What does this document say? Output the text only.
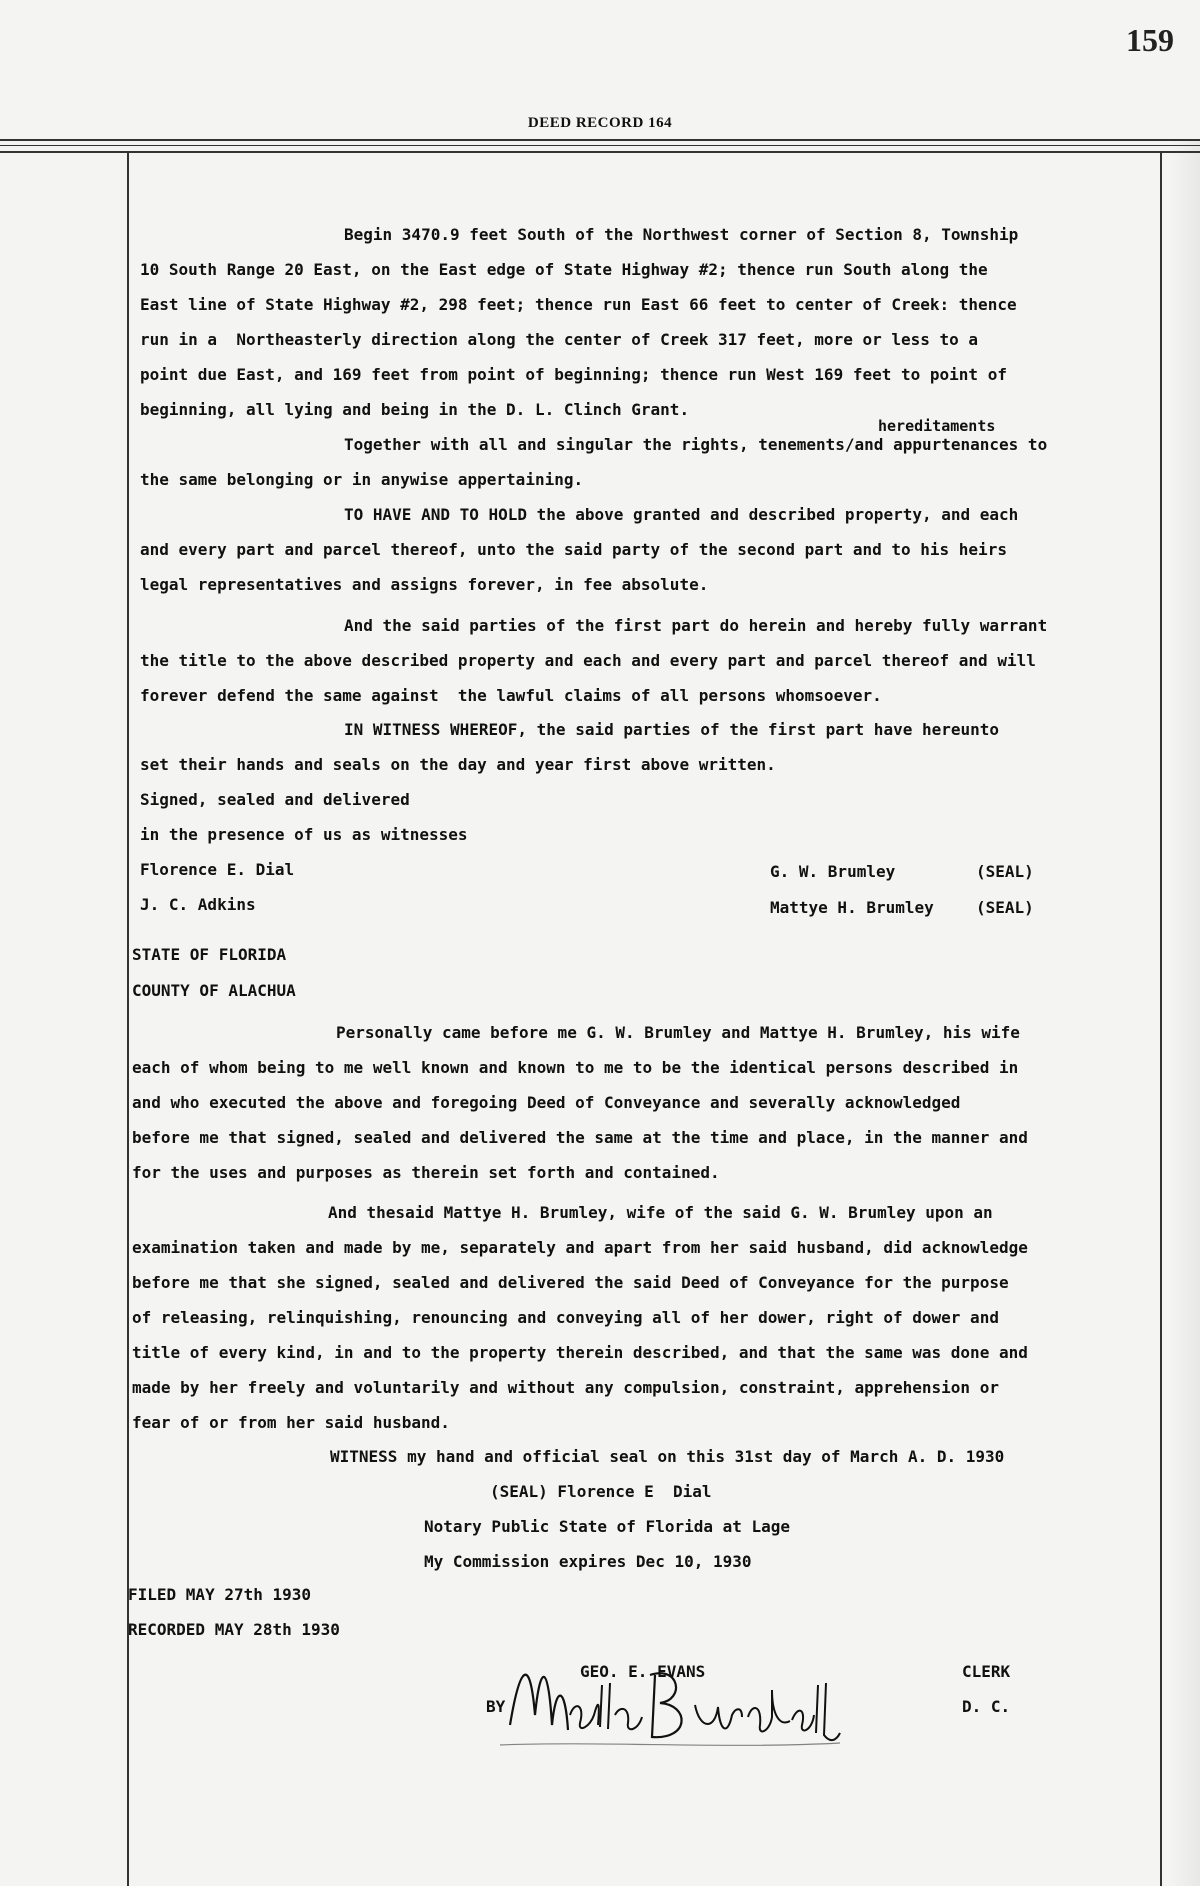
159
DEED RECORD 164
Begin 3470.9 feet South of the Northwest corner of Section 8, Township
10 South Range 20 East, on the East edge of State Highway #2; thence run South along the
East line of State Highway #2, 298 feet; thence run East 66 feet to center of Creek: thence
run in a  Northeasterly direction along the center of Creek 317 feet, more or less to a
point due East, and 169 feet from point of beginning; thence run West 169 feet to point of
beginning, all lying and being in the D. L. Clinch Grant.
hereditaments
Together with all and singular the rights, tenements/and appurtenances to
the same belonging or in anywise appertaining.
TO HAVE AND TO HOLD the above granted and described property, and each
and every part and parcel thereof, unto the said party of the second part and to his heirs
legal representatives and assigns forever, in fee absolute.
And the said parties of the first part do herein and hereby fully warrant
the title to the above described property and each and every part and parcel thereof and will
forever defend the same against  the lawful claims of all persons whomsoever.
IN WITNESS WHEREOF, the said parties of the first part have hereunto
set their hands and seals on the day and year first above written.
Signed, sealed and delivered
in the presence of us as witnesses
Florence E. Dial
J. C. Adkins
G. W. Brumley	(SEAL)
Mattye H. Brumley	(SEAL)
STATE OF FLORIDA
COUNTY OF ALACHUA
Personally came before me G. W. Brumley and Mattye H. Brumley, his wife
each of whom being to me well known and known to me to be the identical persons described in
and who executed the above and foregoing Deed of Conveyance and severally acknowledged
before me that signed, sealed and delivered the same at the time and place, in the manner and
for the uses and purposes as therein set forth and contained.
And thesaid Mattye H. Brumley, wife of the said G. W. Brumley upon an
examination taken and made by me, separately and apart from her said husband, did acknowledge
before me that she signed, sealed and delivered the said Deed of Conveyance for the purpose
of releasing, relinquishing, renouncing and conveying all of her dower, right of dower and
title of every kind, in and to the property therein described, and that the same was done and
made by her freely and voluntarily and without any compulsion, constraint, apprehension or
fear of or from her said husband.
WITNESS my hand and official seal on this 31st day of March A. D. 1930
(SEAL) Florence E  Dial
Notary Public State of Florida at Lage
My Commission expires Dec 10, 1930
FILED MAY 27th 1930
RECORDED MAY 28th 1930
GEO. E. EVANS	CLERK
BY	D. C.
